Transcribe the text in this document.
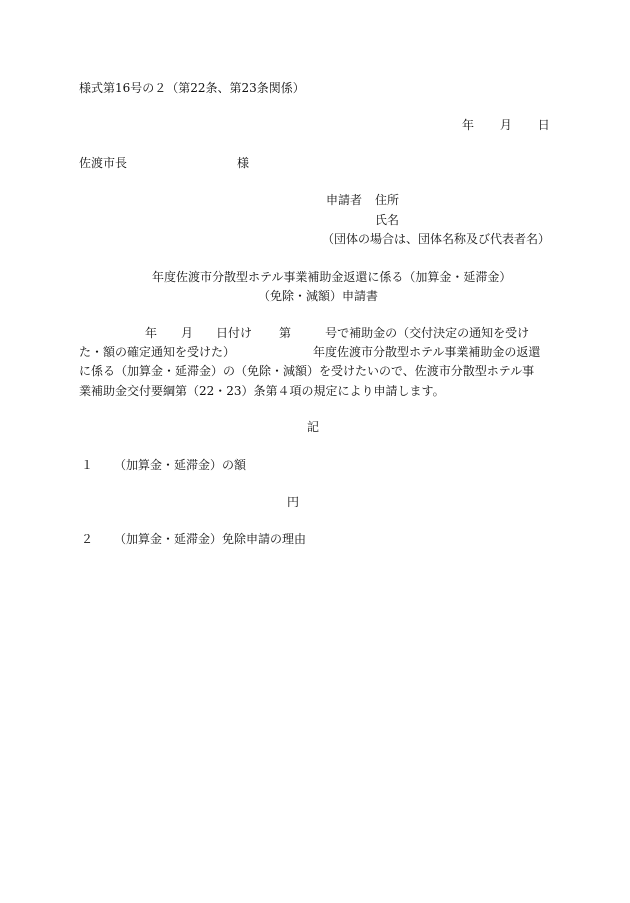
様式第16号の２（第22条、第23条関係）
年 月 日
佐渡市長	様
申請者 住所
氏名
（団体の場合は、団体名称及び代表者名）
年度佐渡市分散型ホテル事業補助金返還に係る（加算金・延滞金）
（免除・減額）申請書
年 月 日付け 第	号で補助金の（交付決定の通知を受け
た・額の確定通知を受けた）	年度佐渡市分散型ホテル事業補助金の返還
に係る（加算金・延滞金）の（免除・減額）を受けたいので、佐渡市分散型ホテル事
業補助金交付要綱第（22・23）条第４項の規定により申請します。
記
１ （加算金・延滞金）の額
円
２ （加算金・延滞金）免除申請の理由
